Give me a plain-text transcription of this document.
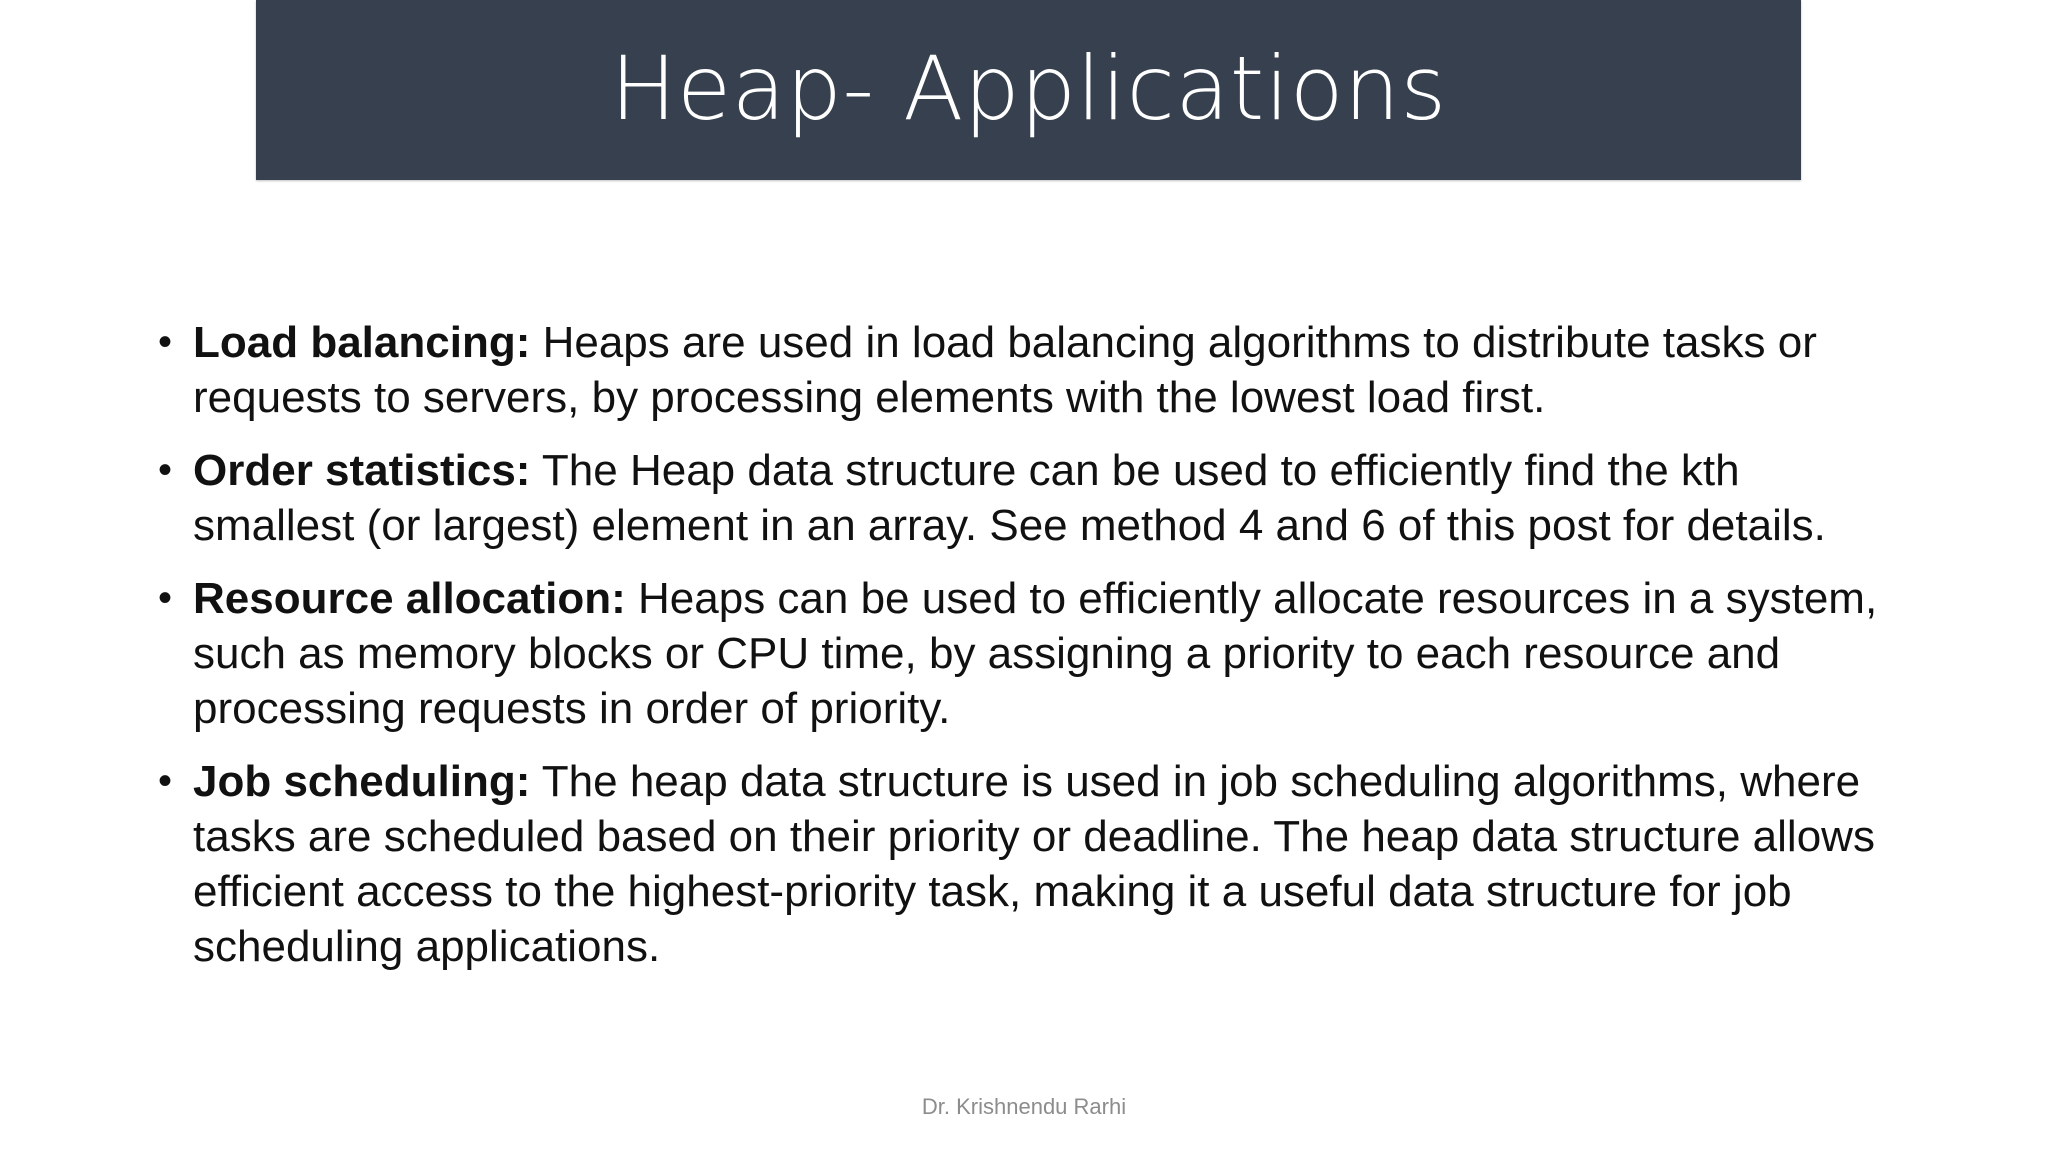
Heap- Applications
• Load balancing: Heaps are used in load balancing algorithms to distribute tasks or requests to servers, by processing elements with the lowest load first.
• Order statistics: The Heap data structure can be used to efficiently find the kth smallest (or largest) element in an array. See method 4 and 6 of this post for details.
• Resource allocation: Heaps can be used to efficiently allocate resources in a system, such as memory blocks or CPU time, by assigning a priority to each resource and processing requests in order of priority.
• Job scheduling: The heap data structure is used in job scheduling algorithms, where tasks are scheduled based on their priority or deadline. The heap data structure allows efficient access to the highest-priority task, making it a useful data structure for job scheduling applications.
Dr. Krishnendu Rarhi
